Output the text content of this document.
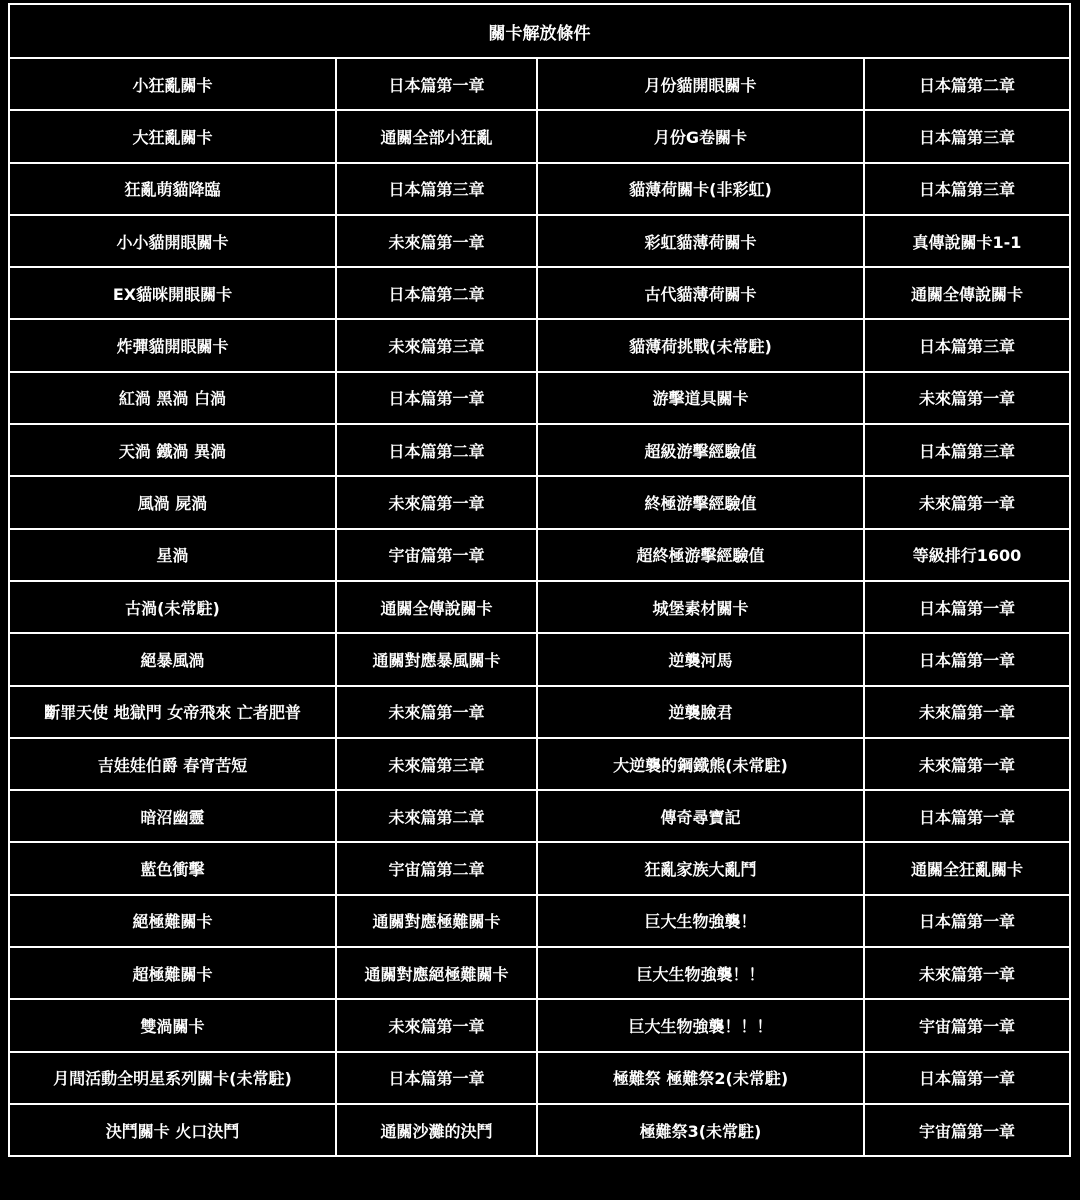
關卡解放條件			
小狂亂關卡	日本篇第一章	月份貓開眼關卡	日本篇第二章
大狂亂關卡	通關全部小狂亂	月份G卷關卡	日本篇第三章
狂亂萌貓降臨	日本篇第三章	貓薄荷關卡(非彩虹)	日本篇第三章
小小貓開眼關卡	未來篇第一章	彩虹貓薄荷關卡	真傳說關卡1-1
EX貓咪開眼關卡	日本篇第二章	古代貓薄荷關卡	通關全傳說關卡
炸彈貓開眼關卡	未來篇第三章	貓薄荷挑戰(未常駐)	日本篇第三章
紅渦 黑渦 白渦	日本篇第一章	游擊道具關卡	未來篇第一章
天渦 鐵渦 異渦	日本篇第二章	超級游擊經驗值	日本篇第三章
風渦 屍渦	未來篇第一章	終極游擊經驗值	未來篇第一章
星渦	宇宙篇第一章	超終極游擊經驗值	等級排行1600
古渦(未常駐)	通關全傳說關卡	城堡素材關卡	日本篇第一章
絕暴風渦	通關對應暴風關卡	逆襲河馬	日本篇第一章
斷罪天使 地獄門 女帝飛來 亡者肥普	未來篇第一章	逆襲臉君	未來篇第一章
吉娃娃伯爵 春宵苦短	未來篇第三章	大逆襲的鋼鐵熊(未常駐)	未來篇第一章
暗沼幽靈	未來篇第二章	傳奇尋寶記	日本篇第一章
藍色衝擊	宇宙篇第二章	狂亂家族大亂鬥	通關全狂亂關卡
絕極難關卡	通關對應極難關卡	巨大生物強襲！	日本篇第一章
超極難關卡	通關對應絕極難關卡	巨大生物強襲！！	未來篇第一章
雙渦關卡	未來篇第一章	巨大生物強襲！！！	宇宙篇第一章
月間活動全明星系列關卡(未常駐)	日本篇第一章	極難祭 極難祭2(未常駐)	日本篇第一章
決鬥關卡 火口決鬥	通關沙灘的決鬥	極難祭3(未常駐)	宇宙篇第一章
